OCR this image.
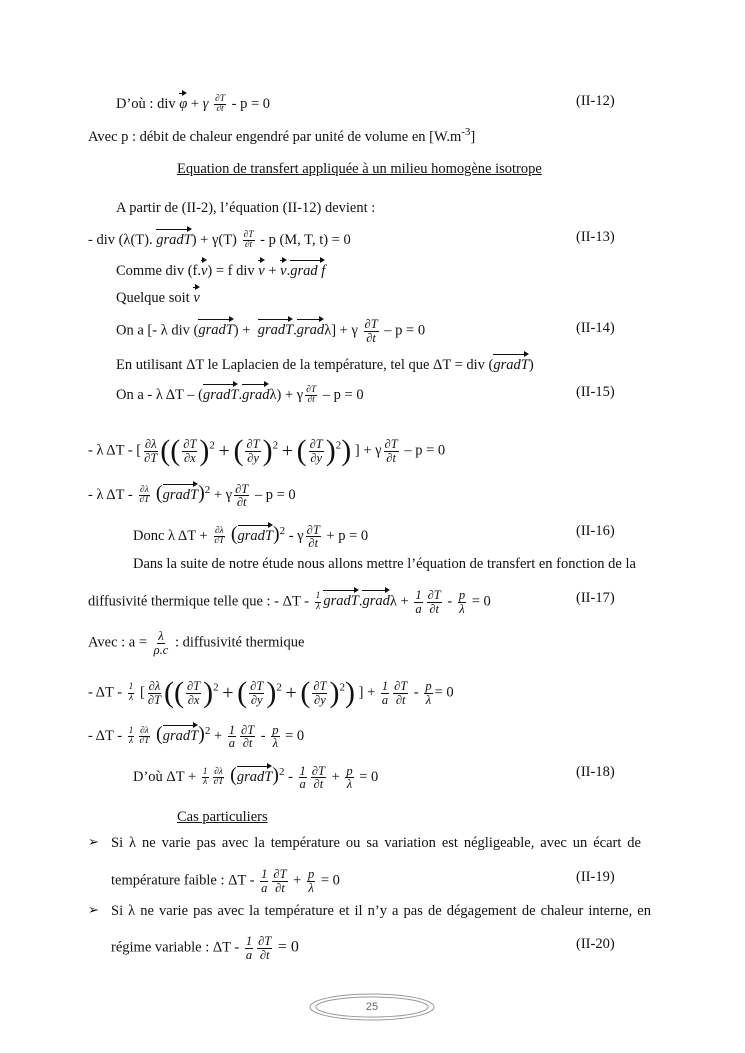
D’où : div φ + γ $\frac{\partial T}{\partial t} - p = 0$	(II-12)
Avec p : débit de chaleur engendré par unité de volume en $[W.m^{-3}]$
Equation de transfert appliquée à un milieu homogène isotrope
A partir de (II-2), l’équation (II-12) devient :
- div (λ(T). gradT) + $\gamma(T) \frac{\partial T}{\partial t}$ - p (M, T, t) = 0	(II-13)
Comme div (f.v) = f div v + v.grad f
Quelque soit v
On a [- λ div (gradT) +  gradT.gradλ] + γ $\frac{\partial T}{\partial t} - p = 0$	(II-14)
En utilisant ΔT le Laplacien de la température, tel que ΔT = div (gradT)
On a - λ ΔT – (gradT.gradλ) + γ $\frac{\partial T}{\partial t} - p = 0$	(II-15)
- λ ΔT - [ $\frac{\partial\lambda}{\partial T}$ (( $\frac{\partial T}{\partial x} )^2$ + ( $\frac{\partial T}{\partial y} )^2$ + ( $\frac{\partial T}{\partial y} )^2$) ] + γ $\frac{\partial T}{\partial t} - p = 0$
- λ ΔT - $\frac{\partial\lambda}{\partial T}$ (gradT)$^2$ + γ $\frac{\partial T}{\partial t} - p = 0$
Donc λ $\Delta T + \frac{\partial\lambda}{\partial T}$ (gradT)$^2$ - γ $\frac{\partial T}{\partial t} + p = 0$	(II-16)
Dans la suite de notre étude nous allons mettre l’équation de transfert en fonction de la
diffusivité thermique telle que : - ΔT - $\frac{1}{\lambda}$ gradT.gradλ + $\frac{1}{a} \frac{\partial T}{\partial t} - \frac{p}{\lambda} = 0$	(II-17)
Avec : $a = \frac{\lambda}{\rho.c}$ : diffusivité thermique
- ΔT - $\frac{1}{\lambda}$ [ $\frac{\partial\lambda}{\partial T}$ (( $\frac{\partial T}{\partial x} )^2$ + ( $\frac{\partial T}{\partial y} )^2$ + ( $\frac{\partial T}{\partial y} )^2$) ] + $\frac{1}{a} \frac{\partial T}{\partial t} - \frac{p}{\lambda} = 0$
- ΔT - $\frac{1}{\lambda} \frac{\partial\lambda}{\partial T}$ (gradT)$^2$ + $\frac{1}{a} \frac{\partial T}{\partial t} - \frac{p}{\lambda} = 0$
D’où $\Delta T + \frac{1}{\lambda} \frac{\partial\lambda}{\partial T}$ (gradT)$^2$ - $\frac{1}{a} \frac{\partial T}{\partial t} + \frac{p}{\lambda} = 0$	(II-18)
Cas particuliers
➢ Si λ ne varie pas avec la température ou sa variation est négligeable, avec un écart de
température faible : $\Delta T - \frac{1}{a} \frac{\partial T}{\partial t} + \frac{p}{\lambda} = 0$	(II-19)
➢ Si λ ne varie pas avec la température et il n’y a pas de dégagement de chaleur interne, en
régime variable : $\Delta T - \frac{1}{a} \frac{\partial T}{\partial t} = 0$	(II-20)
25
